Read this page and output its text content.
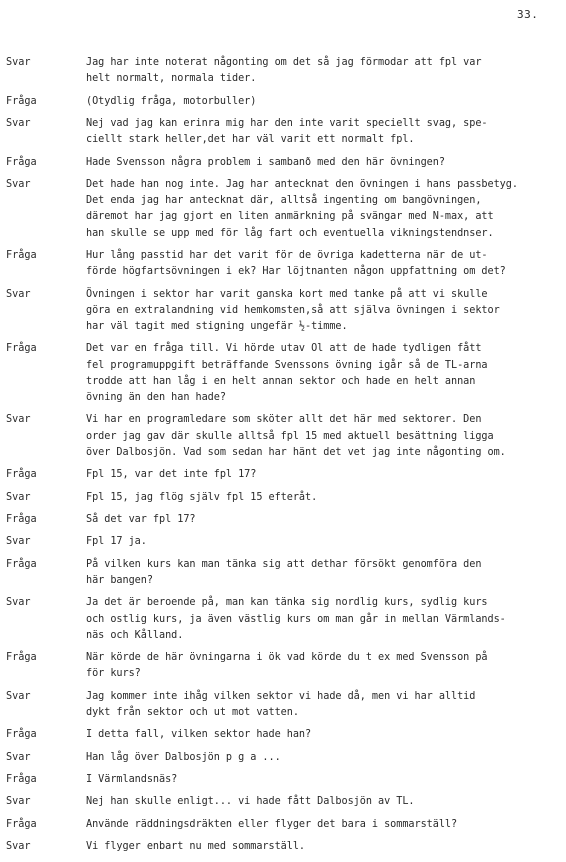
33.
Svar	Jag har inte noterat någonting om det så jag förmodar att fpl var
helt normalt, normala tider.
Fråga	(Otydlig fråga, motorbuller)
Svar	Nej vad jag kan erinra mig har den inte varit speciellt svag, spe-
ciellt stark heller,det har väl varit ett normalt fpl.
Fråga	Hade Svensson några problem i sambanð med den här övningen?
Svar	Det hade han nog inte. Jag har antecknat den övningen i hans passbetyg.
Det enda jag har antecknat där, alltså ingenting om bangövningen,
däremot har jag gjort en liten anmärkning på svängar med N-max, att
han skulle se upp med för låg fart och eventuella vikningstendnser.
Fråga	Hur lång passtid har det varit för de övriga kadetterna när de ut-
förde högfartsövningen i ek? Har löjtnanten någon uppfattning om det?
Svar	Övningen i sektor har varit ganska kort med tanke på att vi skulle
göra en extralandning vid hemkomsten,så att själva övningen i sektor
har väl tagit med stigning ungefär ½-timme.
Fråga	Det var en fråga till. Vi hörde utav Ol att de hade tydligen fått
fel programuppgift beträffande Svenssons övning igår så de TL-arna
trodde att han låg i en helt annan sektor och hade en helt annan
övning än den han hade?
Svar	Vi har en programledare som sköter allt det här med sektorer. Den
order jag gav där skulle alltså fpl 15 med aktuell besättning ligga
över Dalbosjön. Vad som sedan har hänt det vet jag inte någonting om.
Fråga	Fpl 15, var det inte fpl 17?
Svar	Fpl 15, jag flög själv fpl 15 efteråt.
Fråga	Så det var fpl 17?
Svar	Fpl 17 ja.
Fråga	På vilken kurs kan man tänka sig att dethar försökt genomföra den
här bangen?
Svar	Ja det är beroende på, man kan tänka sig nordlig kurs, sydlig kurs
och ostlig kurs, ja även västlig kurs om man går in mellan Värmlands-
näs och Kålland.
Fråga	När körde de här övningarna i ök vad körde du t ex med Svensson på
för kurs?
Svar	Jag kommer inte ihåg vilken sektor vi hade då, men vi har alltid
dykt från sektor och ut mot vatten.
Fråga	I detta fall, vilken sektor hade han?
Svar	Han låg över Dalbosjön p g a ...
Fråga	I Värmlandsnäs?
Svar	Nej han skulle enligt... vi hade fått Dalbosjön av TL.
Fråga	Använde räddningsdräkten eller flyger det bara i sommarställ?
Svar	Vi flyger enbart nu med sommarställ.
